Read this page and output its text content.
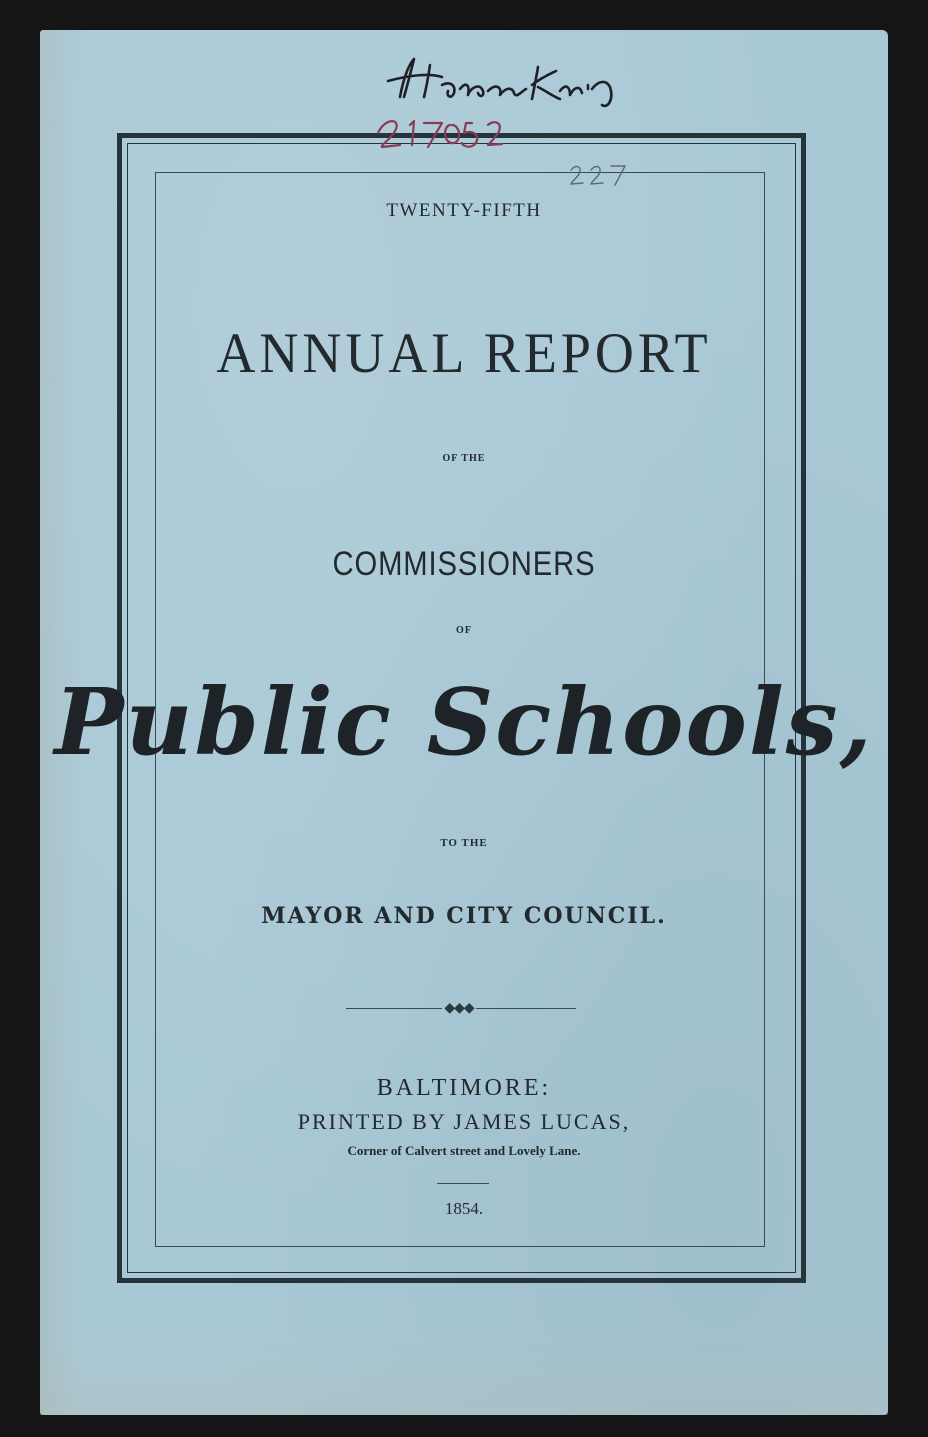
TWENTY-FIFTH
ANNUAL REPORT
OF THE
COMMISSIONERS
OF
Public Schools,
TO THE
MAYOR AND CITY COUNCIL.
◆◆◆
BALTIMORE:
PRINTED BY JAMES LUCAS,
Corner of Calvert street and Lovely Lane.
1854.
